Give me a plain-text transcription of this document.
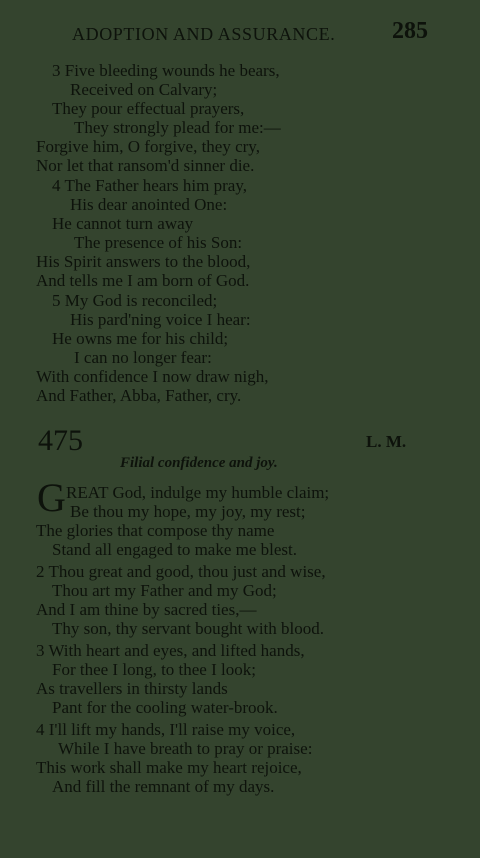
ADOPTION AND ASSURANCE. 285
3 Five bleeding wounds he bears,
Received on Calvary;
They pour effectual prayers,
They strongly plead for me:—
Forgive him, O forgive, they cry,
Nor let that ransom'd sinner die.
4 The Father hears him pray,
His dear anointed One:
He cannot turn away
The presence of his Son:
His Spirit answers to the blood,
And tells me I am born of God.
5 My God is reconciled;
His pard'ning voice I hear:
He owns me for his child;
I can no longer fear:
With confidence I now draw nigh,
And Father, Abba, Father, cry.
475	L. M.
Filial confidence and joy.
G REAT God, indulge my humble claim;
Be thou my hope, my joy, my rest;
The glories that compose thy name
Stand all engaged to make me blest.
2 Thou great and good, thou just and wise,
Thou art my Father and my God;
And I am thine by sacred ties,—
Thy son, thy servant bought with blood.
3 With heart and eyes, and lifted hands,
For thee I long, to thee I look;
As travellers in thirsty lands
Pant for the cooling water-brook.
4 I'll lift my hands, I'll raise my voice,
While I have breath to pray or praise:
This work shall make my heart rejoice,
And fill the remnant of my days.
